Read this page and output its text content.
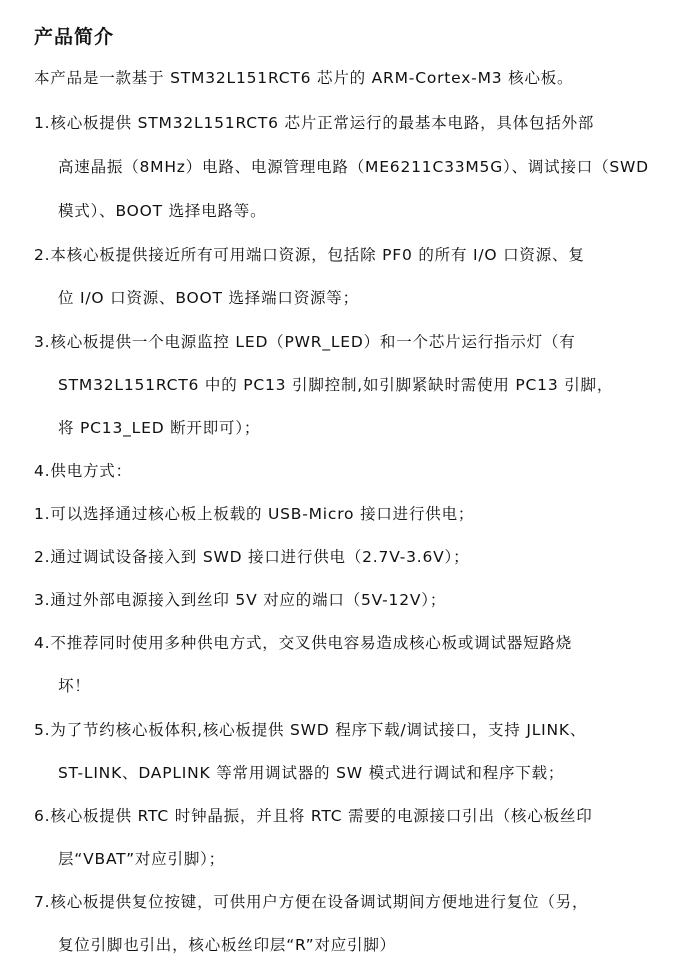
产品简介
本产品是一款基于 STM32L151RCT6 芯片的 ARM-Cortex-M3 核心板。
1.核心板提供 STM32L151RCT6 芯片正常运行的最基本电路，具体包括外部
高速晶振（8MHz）电路、电源管理电路（ME6211C33M5G）、调试接口（SWD
模式）、BOOT 选择电路等。
2.本核心板提供接近所有可用端口资源，包括除 PF0 的所有 I/O 口资源、复
位 I/O 口资源、BOOT 选择端口资源等；
3.核心板提供一个电源监控 LED（PWR_LED）和一个芯片运行指示灯（有
STM32L151RCT6 中的 PC13 引脚控制,如引脚紧缺时需使用 PC13 引脚，
将 PC13_LED 断开即可）；
4.供电方式：
1.可以选择通过核心板上板载的 USB-Micro 接口进行供电；
2.通过调试设备接入到 SWD 接口进行供电（2.7V-3.6V）；
3.通过外部电源接入到丝印 5V 对应的端口（5V-12V）；
4.不推荐同时使用多种供电方式，交叉供电容易造成核心板或调试器短路烧
坏！
5.为了节约核心板体积,核心板提供 SWD 程序下载/调试接口，支持 JLINK、
ST-LINK、DAPLINK 等常用调试器的 SW 模式进行调试和程序下载；
6.核心板提供 RTC 时钟晶振，并且将 RTC 需要的电源接口引出（核心板丝印
层“VBAT”对应引脚）；
7.核心板提供复位按键，可供用户方便在设备调试期间方便地进行复位（另，
复位引脚也引出，核心板丝印层“R”对应引脚）
